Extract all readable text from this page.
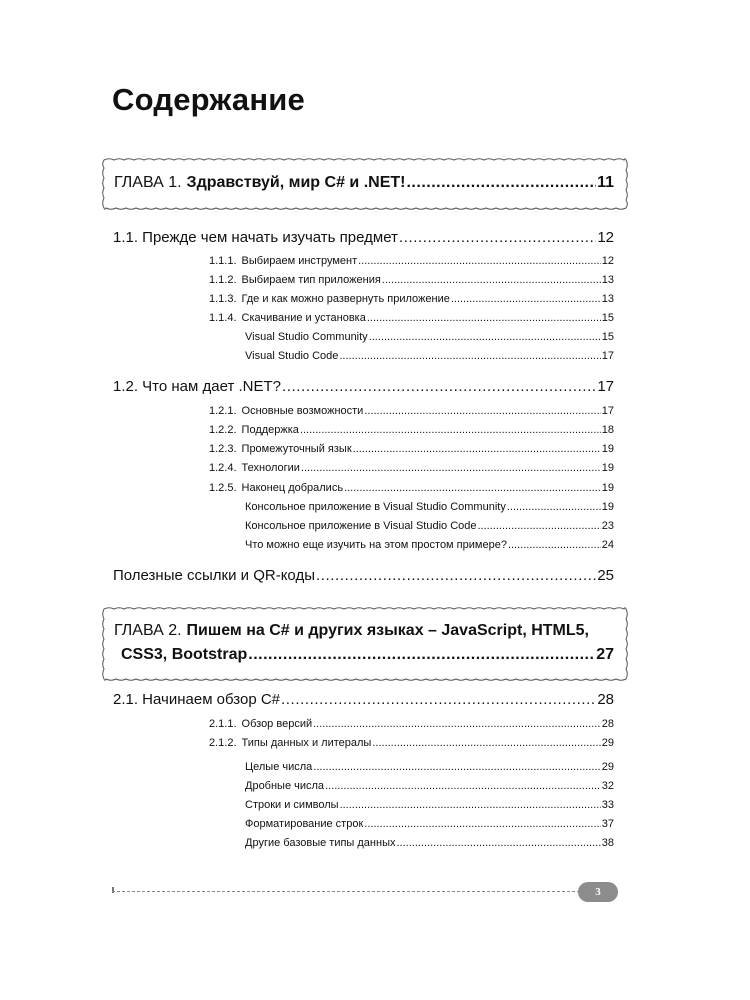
Содержание
ГЛАВА 1. Здравствуй, мир C# и .NET! .....	11
1.1. Прежде чем начать изучать предмет .....	12
1.1.1. Выбираем инструмент .....	12
1.1.2. Выбираем тип приложения .....	13
1.1.3. Где и как можно развернуть приложение .....	13
1.1.4. Скачивание и установка .....	15
Visual Studio Community .....	15
Visual Studio Code .....	17
1.2. Что нам дает .NET? .....	17
1.2.1. Основные возможности .....	17
1.2.2. Поддержка .....	18
1.2.3. Промежуточный язык .....	19
1.2.4. Технологии .....	19
1.2.5. Наконец добрались .....	19
Консольное приложение в Visual Studio Community .....	19
Консольное приложение в Visual Studio Code .....	23
Что можно еще изучить на этом простом примере? .....	24
Полезные ссылки и QR-коды .....	25
ГЛАВА 2. Пишем на C# и других языках – JavaScript, HTML5,
CSS3, Bootstrap .....	27
2.1. Начинаем обзор C# .....	28
2.1.1. Обзор версий .....	28
2.1.2. Типы данных и литералы .....	29
Целые числа .....	29
Дробные числа .....	32
Строки и символы .....	33
Форматирование строк .....	37
Другие базовые типы данных .....	38
3
